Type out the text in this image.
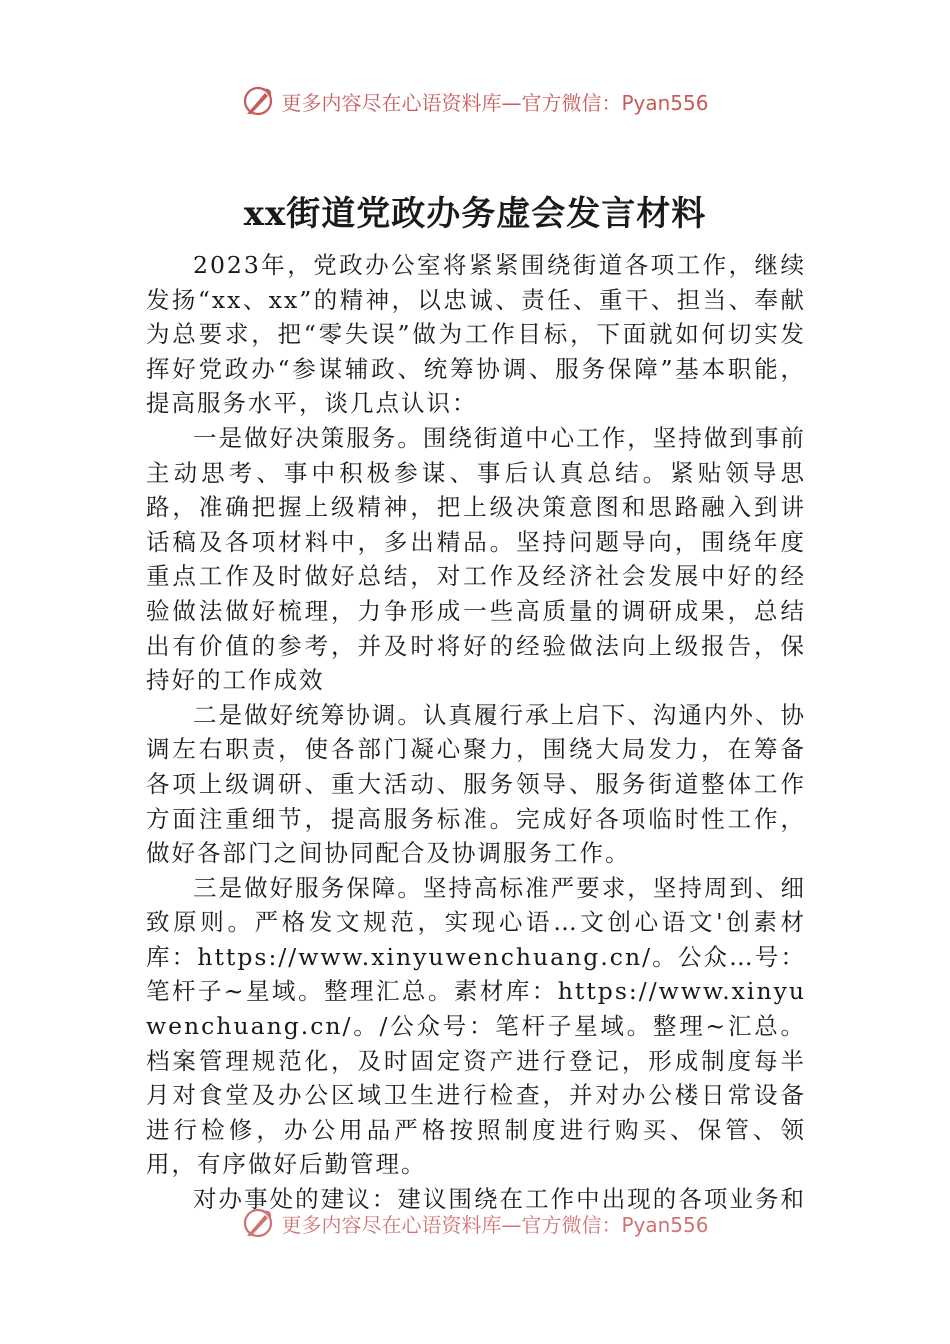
更多内容尽在心语资料库—官方微信：Pyan556
xx街道党政办务虚会发言材料

2023年，党政办公室将紧紧围绕街道各项工作，继续发扬“xx、xx”的精神，以忠诚、责任、重干、担当、奉献为总要求，把“零失误”做为工作目标，下面就如何切实发挥好党政办“参谋辅政、统筹协调、服务保障”基本职能，提高服务水平，谈几点认识：

一是做好决策服务。围绕街道中心工作，坚持做到事前主动思考、事中积极参谋、事后认真总结。紧贴领导思路，准确把握上级精神，把上级决策意图和思路融入到讲话稿及各项材料中，多出精品。坚持问题导向，围绕年度重点工作及时做好总结，对工作及经济社会发展中好的经验做法做好梳理，力争形成一些高质量的调研成果，总结出有价值的参考，并及时将好的经验做法向上级报告，保持好的工作成效

二是做好统筹协调。认真履行承上启下、沟通内外、协调左右职责，使各部门凝心聚力，围绕大局发力，在筹备各项上级调研、重大活动、服务领导、服务街道整体工作方面注重细节，提高服务标准。完成好各项临时性工作，做好各部门之间协同配合及协调服务工作。

三是做好服务保障。坚持高标准严要求，坚持周到、细致原则。严格发文规范，实现心语…文创心语文'创素材库：https://www.xinyuwenchuang.cn/。公众…号：笔杆子~星域。整理汇总。素材库：https://www.xinyuwenchuang.cn/。/公众号：笔杆子星域。整理~汇总。档案管理规范化，及时固定资产进行登记，形成制度每半月对食堂及办公区域卫生进行检查，并对办公楼日常设备进行检修，办公用品严格按照制度进行购买、保管、领用，有序做好后勤管理。

对办事处的建议：建议围绕在工作中出现的各项业务和

更多内容尽在心语资料库—官方微信：Pyan556
